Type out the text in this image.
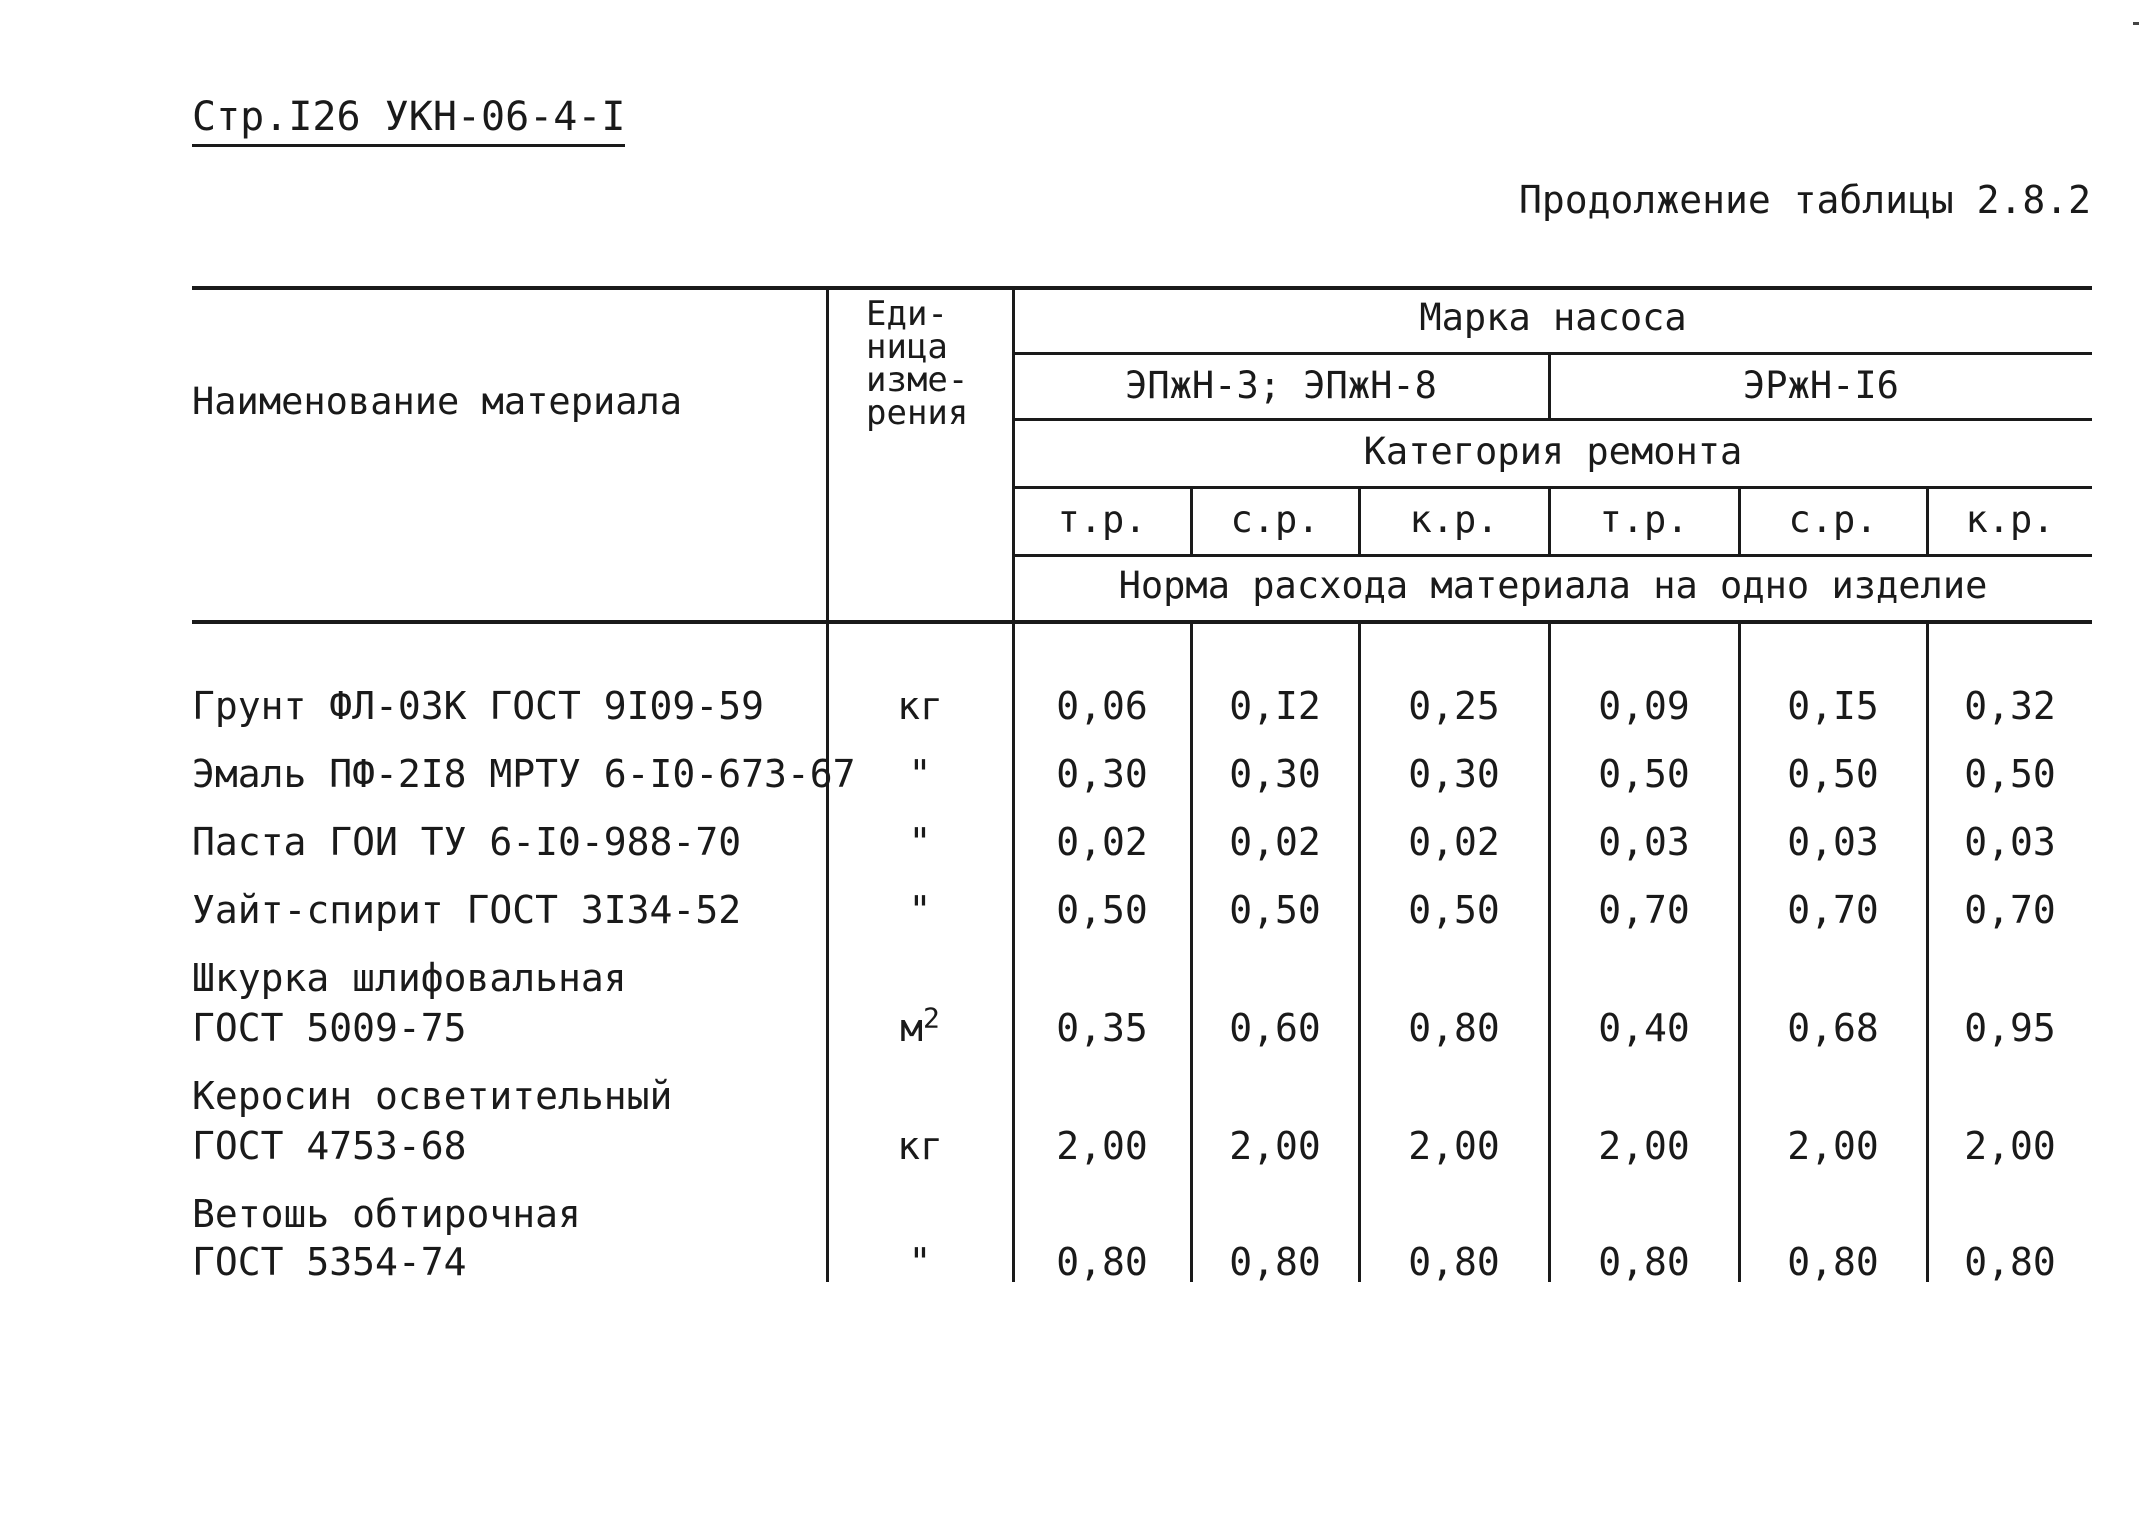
Стр.I26 УКН-06-4-I
Продолжение таблицы 2.8.2
Наименование материала
Еди-
ница
изме-
рения
Марка насоса
ЭПжН-3; ЭПжН-8	ЭРжН-I6
Категория ремонта
т.р.	с.р.	к.р.	т.р.	с.р.	к.р.
Норма расхода материала на одно изделие
Грунт ФЛ-03К ГОСТ 9I09-59	кг	0,06	0,I2	0,25	0,09	0,I5	0,32
Эмаль ПФ-2I8 МРТУ 6-I0-673-67	"	0,30	0,30	0,30	0,50	0,50	0,50
Паста ГОИ ТУ 6-I0-988-70	"	0,02	0,02	0,02	0,03	0,03	0,03
Уайт-спирит ГОСТ 3I34-52	"	0,50	0,50	0,50	0,70	0,70	0,70
Шкурка шлифовальная
ГОСТ 5009-75	$м^2$	0,35	0,60	0,80	0,40	0,68	0,95
Керосин осветительный
ГОСТ 4753-68	кг	2,00	2,00	2,00	2,00	2,00	2,00
Ветошь обтирочная
ГОСТ 5354-74	"	0,80	0,80	0,80	0,80	0,80	0,80
